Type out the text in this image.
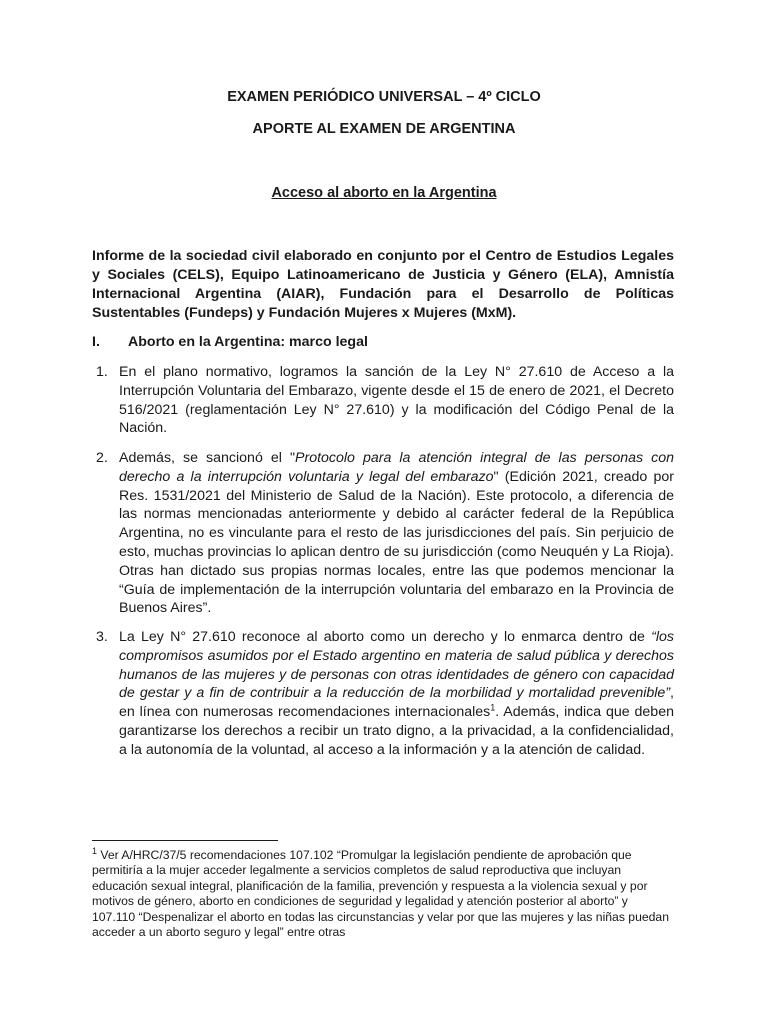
EXAMEN PERIÓDICO UNIVERSAL – 4º CICLO

APORTE AL EXAMEN DE ARGENTINA

Acceso al aborto en la Argentina

Informe de la sociedad civil elaborado en conjunto por el Centro de Estudios Legales y Sociales (CELS), Equipo Latinoamericano de Justicia y Género (ELA), Amnistía Internacional Argentina (AIAR), Fundación para el Desarrollo de Políticas Sustentables (Fundeps) y Fundación Mujeres x Mujeres (MxM).

I. Aborto en la Argentina: marco legal

1. En el plano normativo, logramos la sanción de la Ley N° 27.610 de Acceso a la Interrupción Voluntaria del Embarazo, vigente desde el 15 de enero de 2021, el Decreto 516/2021 (reglamentación Ley N° 27.610) y la modificación del Código Penal de la Nación.
2. Además, se sancionó el "Protocolo para la atención integral de las personas con derecho a la interrupción voluntaria y legal del embarazo" (Edición 2021, creado por Res. 1531/2021 del Ministerio de Salud de la Nación). Este protocolo, a diferencia de las normas mencionadas anteriormente y debido al carácter federal de la República Argentina, no es vinculante para el resto de las jurisdicciones del país. Sin perjuicio de esto, muchas provincias lo aplican dentro de su jurisdicción (como Neuquén y La Rioja). Otras han dictado sus propias normas locales, entre las que podemos mencionar la “Guía de implementación de la interrupción voluntaria del embarazo en la Provincia de Buenos Aires”.
3. La Ley N° 27.610 reconoce al aborto como un derecho y lo enmarca dentro de “los compromisos asumidos por el Estado argentino en materia de salud pública y derechos humanos de las mujeres y de personas con otras identidades de género con capacidad de gestar y a fin de contribuir a la reducción de la morbilidad y mortalidad prevenible”, en línea con numerosas recomendaciones internacionales$^1$. Además, indica que deben garantizarse los derechos a recibir un trato digno, a la privacidad, a la confidencialidad, a la autonomía de la voluntad, al acceso a la información y a la atención de calidad.

$^1$ Ver A/HRC/37/5 recomendaciones 107.102 “Promulgar la legislación pendiente de aprobación que permitiría a la mujer acceder legalmente a servicios completos de salud reproductiva que incluyan educación sexual integral, planificación de la familia, prevención y respuesta a la violencia sexual y por motivos de género, aborto en condiciones de seguridad y legalidad y atención posterior al aborto” y 107.110 “Despenalizar el aborto en todas las circunstancias y velar por que las mujeres y las niñas puedan acceder a un aborto seguro y legal” entre otras
